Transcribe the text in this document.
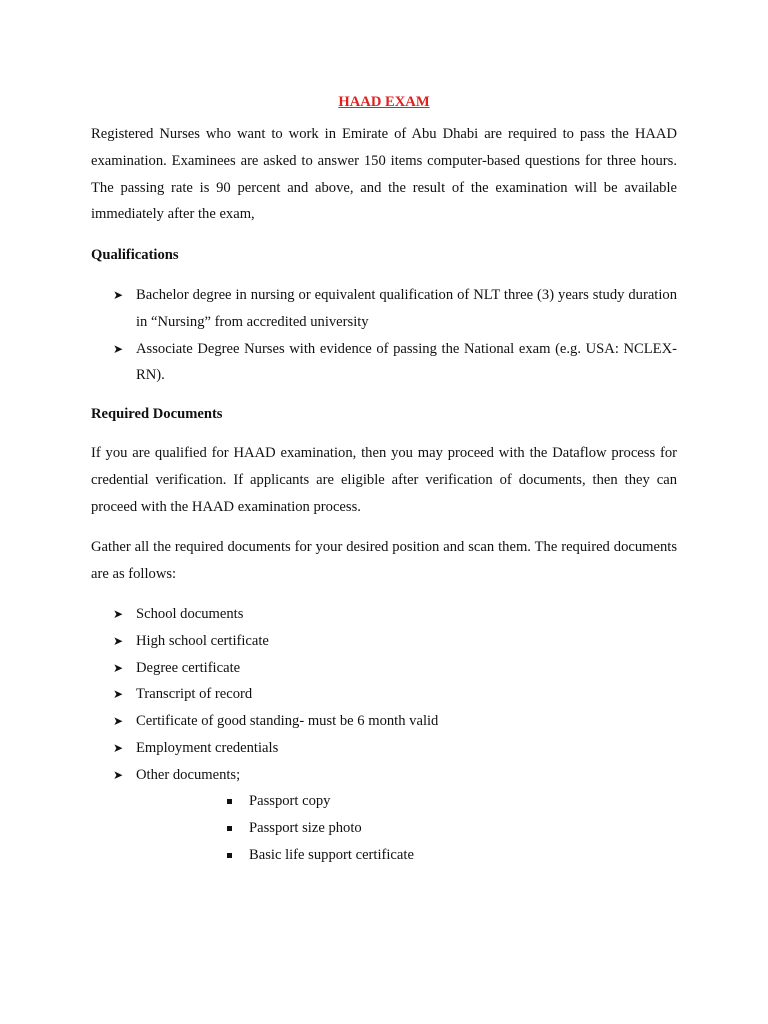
HAAD EXAM

Registered Nurses who want to work in Emirate of Abu Dhabi are required to pass the HAAD examination. Examinees are asked to answer 150 items computer-based questions for three hours. The passing rate is 90 percent and above, and the result of the examination will be available immediately after the exam,

Qualifications

➤ Bachelor degree in nursing or equivalent qualification of NLT three (3) years study duration in “Nursing” from accredited university
➤ Associate Degree Nurses with evidence of passing the National exam (e.g. USA: NCLEX-RN).

Required Documents

If you are qualified for HAAD examination, then you may proceed with the Dataflow process for credential verification. If applicants are eligible after verification of documents, then they can proceed with the HAAD examination process.

Gather all the required documents for your desired position and scan them. The required documents are as follows:

➤ School documents
➤ High school certificate
➤ Degree certificate
➤ Transcript of record
➤ Certificate of good standing- must be 6 month valid
➤ Employment credentials
➤ Other documents;
Passport copy
Passport size photo
Basic life support certificate
